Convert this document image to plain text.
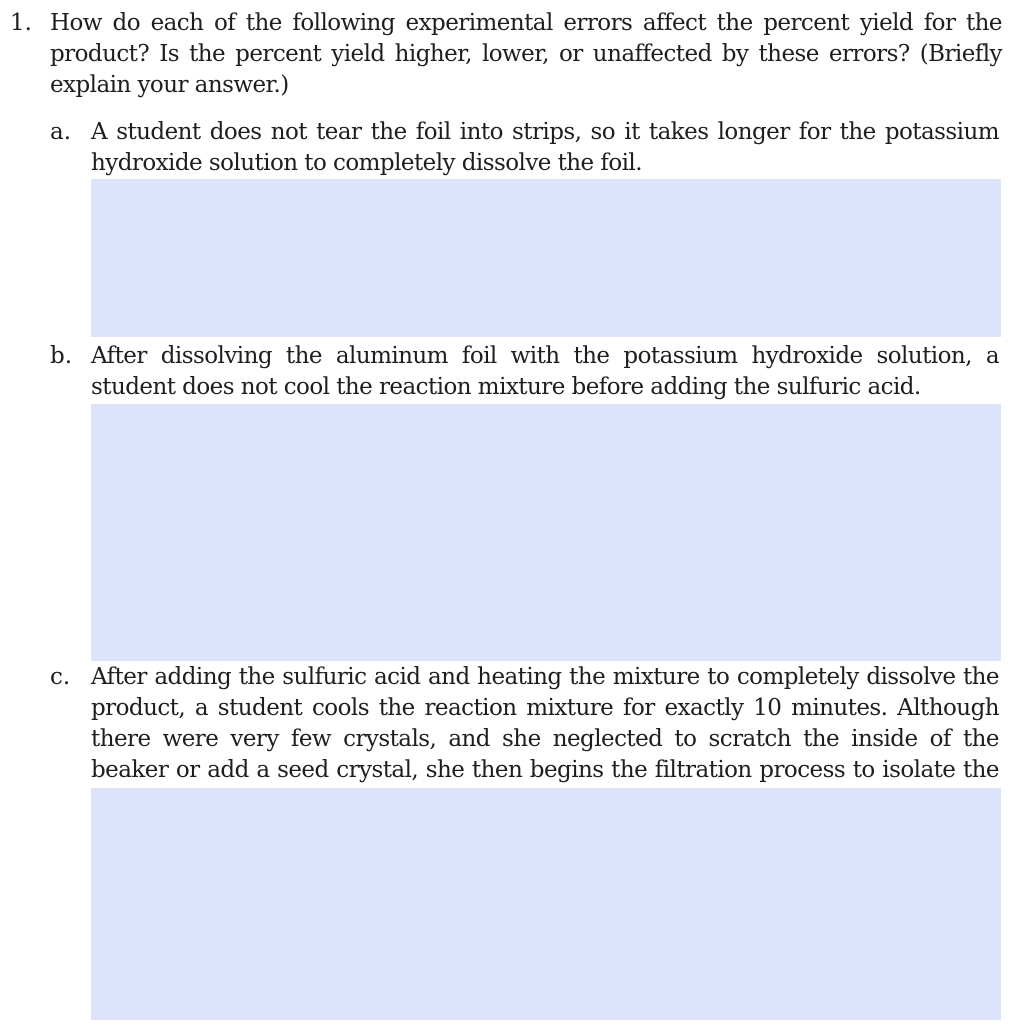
1. How do each of the following experimental errors affect the percent yield for the product? Is the percent yield higher, lower, or unaffected by these errors? (Briefly explain your answer.)
a. A student does not tear the foil into strips, so it takes longer for the potassium hydroxide solution to completely dissolve the foil.
b. After dissolving the aluminum foil with the potassium hydroxide solution, a student does not cool the reaction mixture before adding the sulfuric acid.
c. After adding the sulfuric acid and heating the mixture to completely dissolve the product, a student cools the reaction mixture for exactly 10 minutes. Although there were very few crystals, and she neglected to scratch the inside of the beaker or add a seed crystal, she then begins the filtration process to isolate the
